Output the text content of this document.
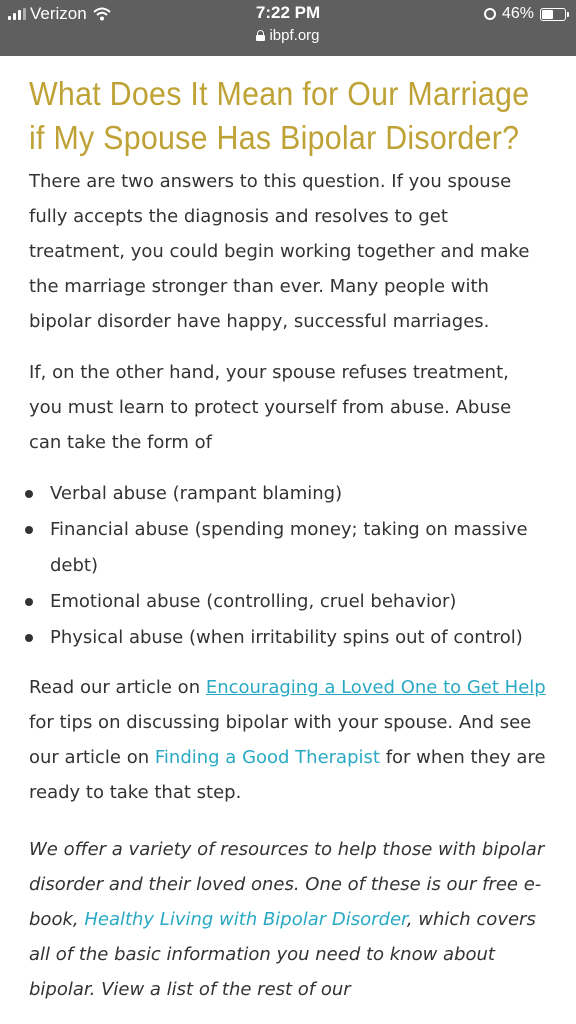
Verizon	7:22 PM
ibpf.org
46%
What Does It Mean for Our Marriage if My Spouse Has Bipolar Disorder?

There are two answers to this question. If you spouse fully accepts the diagnosis and resolves to get treatment, you could begin working together and make the marriage stronger than ever. Many people with bipolar disorder have happy, successful marriages.

If, on the other hand, your spouse refuses treatment, you must learn to protect yourself from abuse. Abuse can take the form of

Verbal abuse (rampant blaming)
Financial abuse (spending money; taking on massive debt)
Emotional abuse (controlling, cruel behavior)
Physical abuse (when irritability spins out of control)

Read our article on Encouraging a Loved One to Get Help for tips on discussing bipolar with your spouse. And see our article on Finding a Good Therapist for when they are ready to take that step.

We offer a variety of resources to help those with bipolar disorder and their loved ones. One of these is our free e-book, Healthy Living with Bipolar Disorder, which covers all of the basic information you need to know about bipolar. View a list of the rest of our
